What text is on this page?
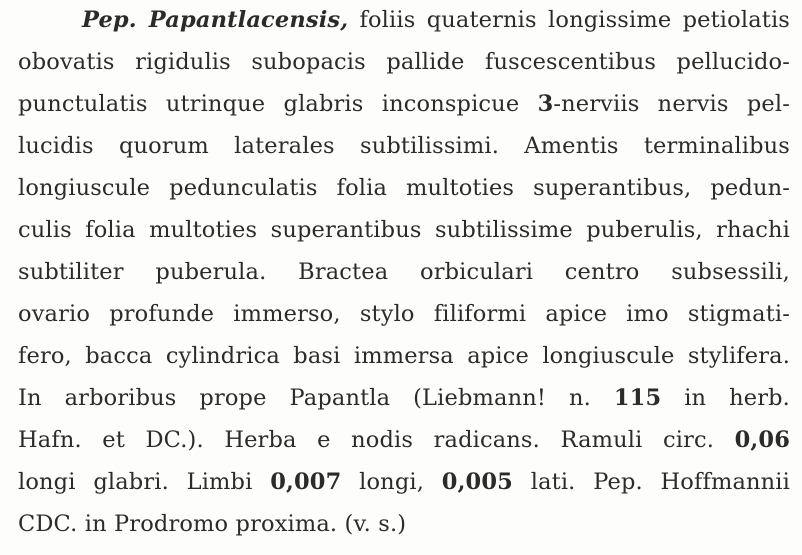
Pep. Papantlacensis, foliis quaternis longissime petiolatis
obovatis rigidulis subopacis pallide fuscescentibus pellucido-
punctulatis utrinque glabris inconspicue 3-nerviis nervis pel-
lucidis quorum laterales subtilissimi. Amentis terminalibus
longiuscule pedunculatis folia multoties superantibus, pedun-
culis folia multoties superantibus subtilissime puberulis, rhachi
subtiliter puberula. Bractea orbiculari centro subsessili,
ovario profunde immerso, stylo filiformi apice imo stigmati-
fero, bacca cylindrica basi immersa apice longiuscule stylifera.
In arboribus prope Papantla (Liebmann! n. 115 in herb.
Hafn. et DC.). Herba e nodis radicans. Ramuli circ. 0,06
longi glabri. Limbi 0,007 longi, 0,005 lati. Pep. Hoffmannii
CDC. in Prodromo proxima. (v. s.)
